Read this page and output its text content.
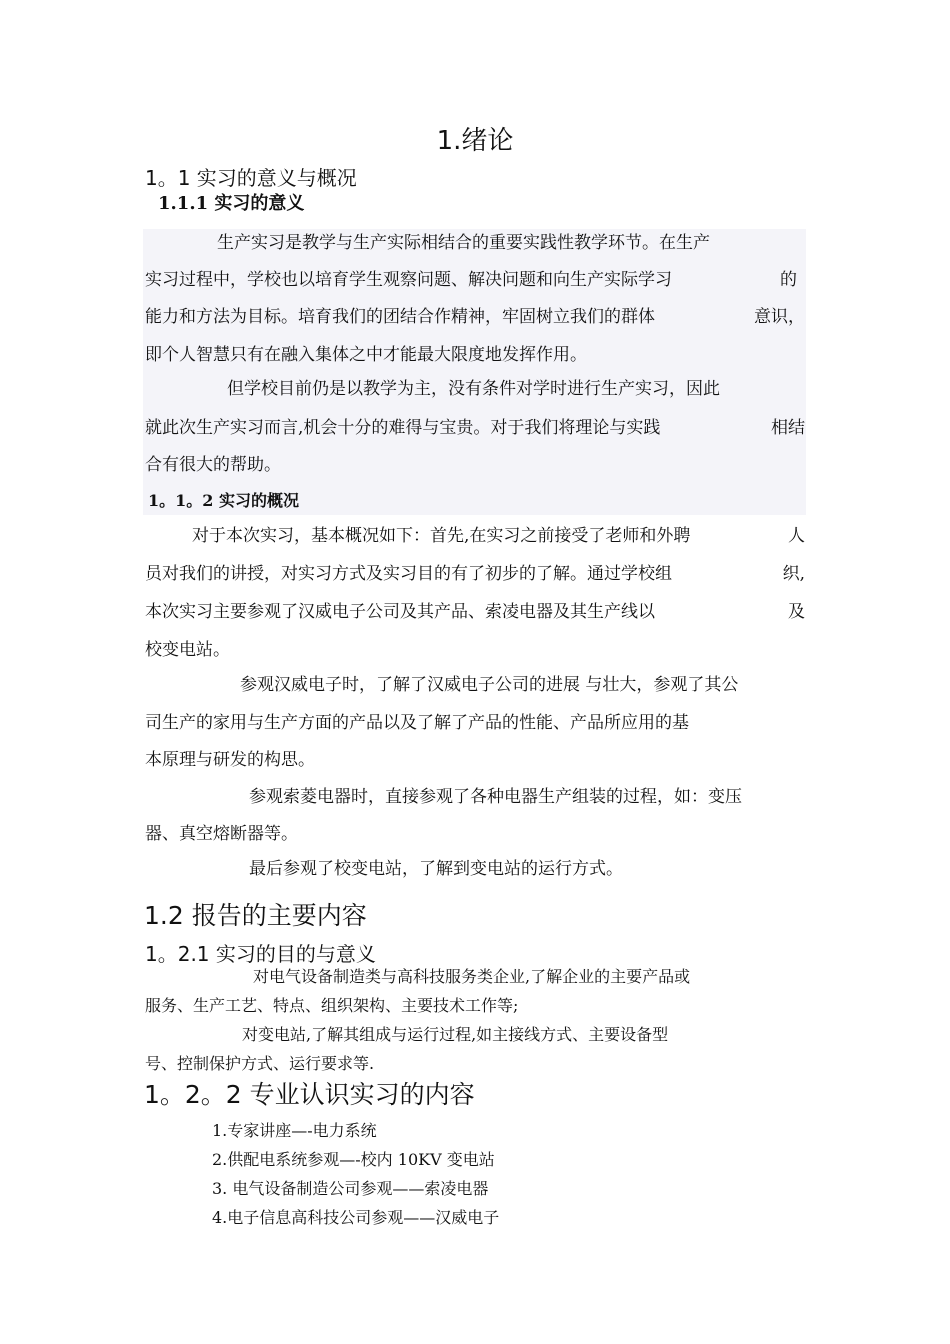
1.绪论
1。1 实习的意义与概况
1.1.1 实习的意义
生产实习是教学与生产实际相结合的重要实践性教学环节。在生产
实习过程中，学校也以培育学生观察问题、解决问题和向生产实际学习	的
能力和方法为目标。培育我们的团结合作精神，牢固树立我们的群体	意识，
即个人智慧只有在融入集体之中才能最大限度地发挥作用。
但学校目前仍是以教学为主，没有条件对学时进行生产实习，因此
就此次生产实习而言,机会十分的难得与宝贵。对于我们将理论与实践	相结
合有很大的帮助。
1。1。2 实习的概况
对于本次实习，基本概况如下：首先,在实习之前接受了老师和外聘	人
员对我们的讲授，对实习方式及实习目的有了初步的了解。通过学校组	织,
本次实习主要参观了汉威电子公司及其产品、索凌电器及其生产线以	及
校变电站。
参观汉威电子时，了解了汉威电子公司的进展 与壮大，参观了其公
司生产的家用与生产方面的产品以及了解了产品的性能、产品所应用的基
本原理与研发的构思。
参观索菱电器时，直接参观了各种电器生产组装的过程，如：变压
器、真空熔断器等。
最后参观了校变电站，了解到变电站的运行方式。
1.2 报告的主要内容
1。2.1 实习的目的与意义
对电气设备制造类与高科技服务类企业,了解企业的主要产品或
服务、生产工艺、特点、组织架构、主要技术工作等;
对变电站,了解其组成与运行过程,如主接线方式、主要设备型
号、控制保护方式、运行要求等.
1。2。2 专业认识实习的内容
1.专家讲座—-电力系统
2.供配电系统参观—-校内 10KV 变电站
3. 电气设备制造公司参观——索凌电器
4.电子信息高科技公司参观——汉威电子
